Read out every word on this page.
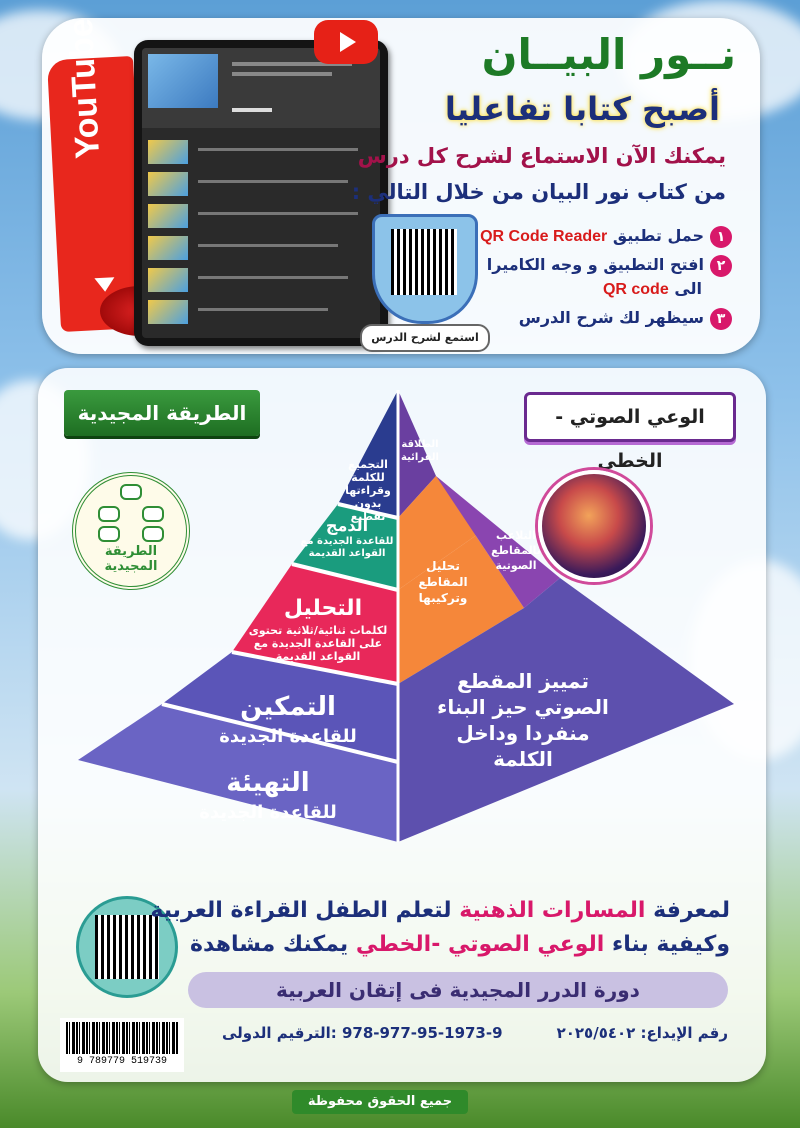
YouTube	نــور البيــان
أصبح كتابا تفاعليا
يمكنك الآن الاستماع لشرح كل درس
من كتاب نور البيان من خلال التالي :
١حمل تطبيق QR Code Reader
٢افتح التطبيق و وجه الكاميرا
الى QR code
٣سيظهر لك شرح الدرس
استمع لشرح الدرس
الطريقة المجيدية	الوعي الصوتي - الخطي
الطريقة المجيدية
التجميع للكلمة وقراءتها بدون تقطيع
الطلاقة القرائية
الدمج
للقاعدة الجديدة مع القواعد القديمة
التحليل
لكلمات ثنائية/ثلاثية تحتوى على القاعدة الجديدة مع القواعد القديمة
التمكين
للقاعدة الجديدة
التهيئة
للقاعدة الجديدة
تحليل المقاطع وتركيبها
التلاعب بالمقاطع الصوتية
تمييز المقطع الصوتي حيز البناء منفردا وداخل الكلمة
لمعرفة المسارات الذهنية لتعلم الطفل القراءة العربية
وكيفية بناء الوعي الصوتي -الخطي يمكنك مشاهدة
دورة الدرر المجيدية فى إتقان العربية
9 789779 519739
978-977-95-1973-9 :الترقيم الدولى	رقم الإيداع: ٢٠٢٥/٥٤٠٢
جميع الحقوق محفوظة
